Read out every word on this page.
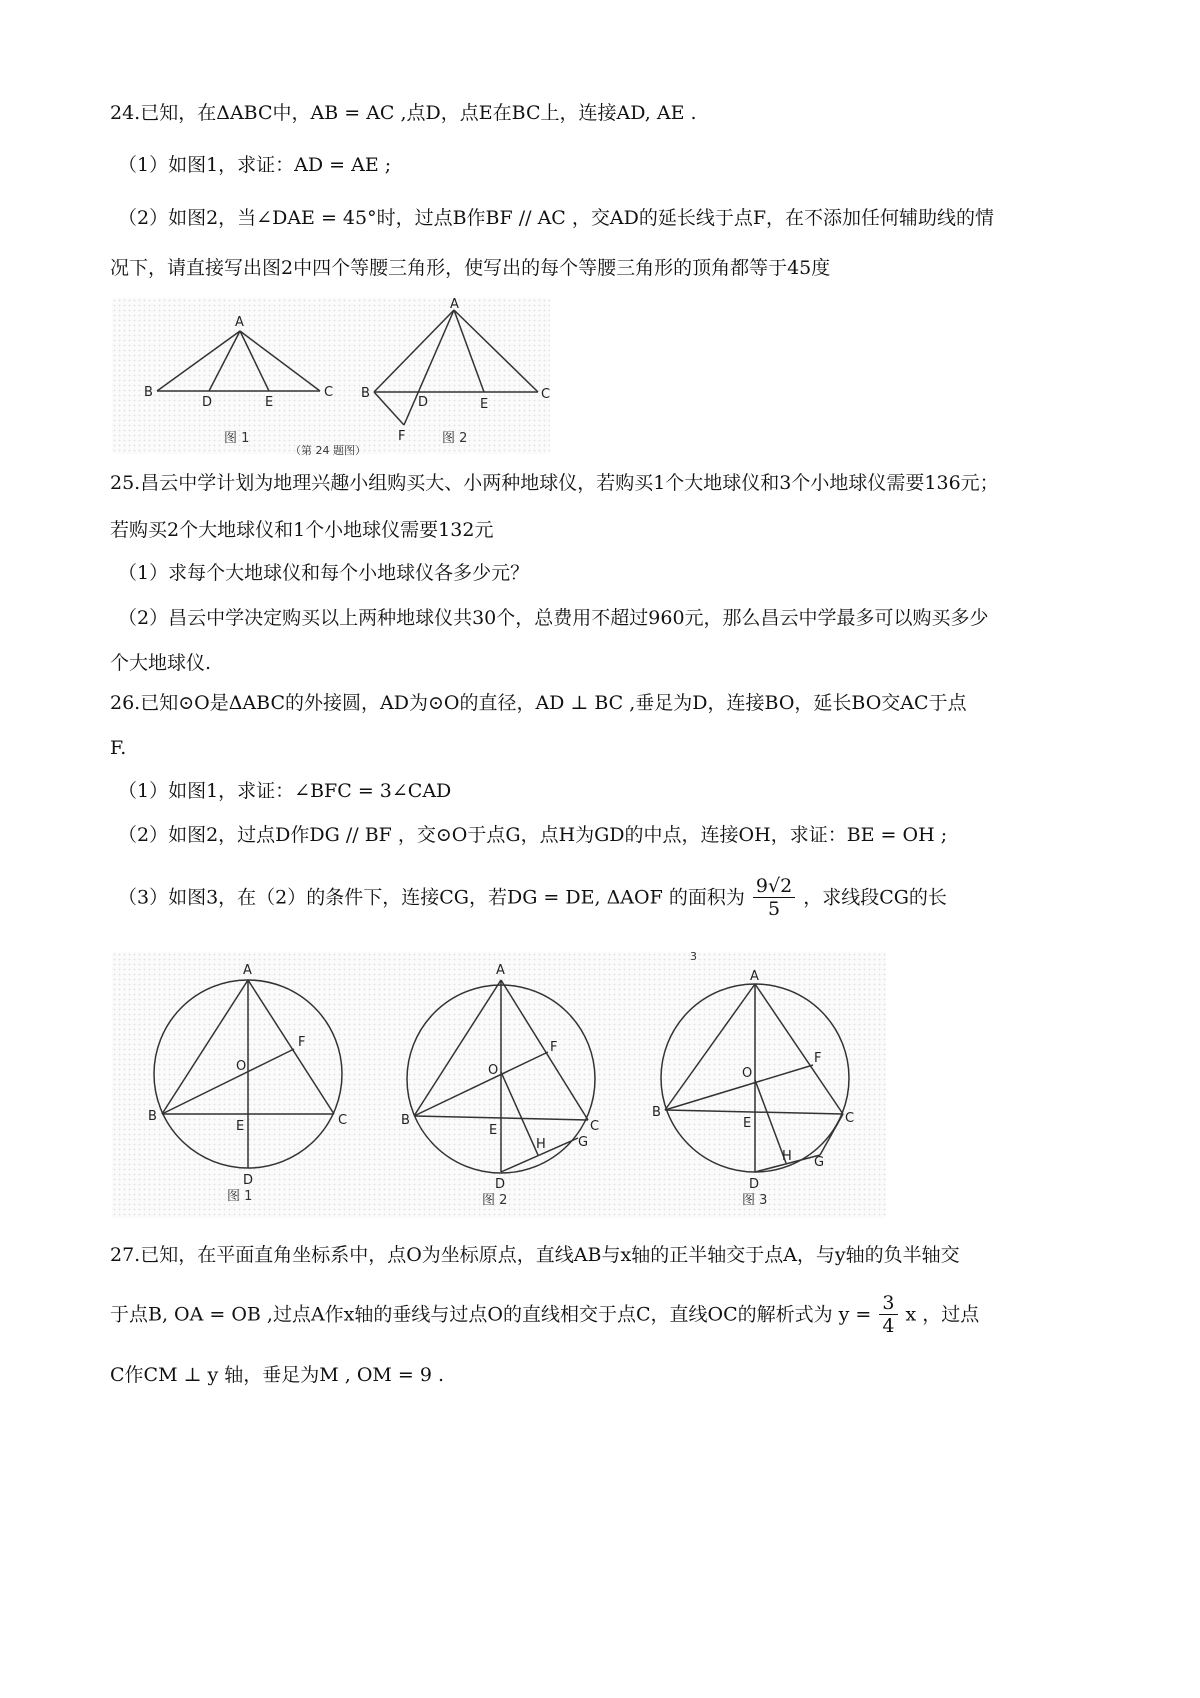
24.已知，在ΔABC中，AB = AC ,点D，点E在BC上，连接AD, AE .
（1）如图1，求证：AD = AE ;
（2）如图2，当∠DAE = 45°时，过点B作BF // AC ，交AD的延长线于点F，在不添加任何辅助线的情
况下，请直接写出图2中四个等腰三角形，使写出的每个等腰三角形的顶角都等于45度
A
B	C
D	E
图 1
A
B	C
D	E
F	图 2
（第 24 题图）
25.昌云中学计划为地理兴趣小组购买大、小两种地球仪，若购买1个大地球仪和3个小地球仪需要136元；
若购买2个大地球仪和1个小地球仪需要132元
（1）求每个大地球仪和每个小地球仪各多少元？
（2）昌云中学决定购买以上两种地球仪共30个，总费用不超过960元，那么昌云中学最多可以购买多少
个大地球仪.
26.已知⊙O是ΔABC的外接圆，AD为⊙O的直径，AD ⊥ BC ,垂足为D，连接BO，延长BO交AC于点
F.
（1）如图1，求证：∠BFC = 3∠CAD
（2）如图2，过点D作DG // BF ，交⊙O于点G，点H为GD的中点，连接OH，求证：BE = OH ;
（3）如图3，在（2）的条件下，连接CG，若DG = DE, ΔAOF 的面积为 $\frac{9√2}{5}$ ，求线段CG的长
A
B	C
D
E
F
O
图 1
A
B	C
D
E
F
O
G
H
图 2
A
B	C
D
E
F
O
G
H
图 3
3
27.已知，在平面直角坐标系中，点O为坐标原点，直线AB与x轴的正半轴交于点A，与y轴的负半轴交
于点B, OA = OB ,过点A作x轴的垂线与过点O的直线相交于点C，直线OC的解析式为 $y = \frac{3}{4}$ x ，过点
C作CM ⊥ y 轴，垂足为M , OM = 9 .
